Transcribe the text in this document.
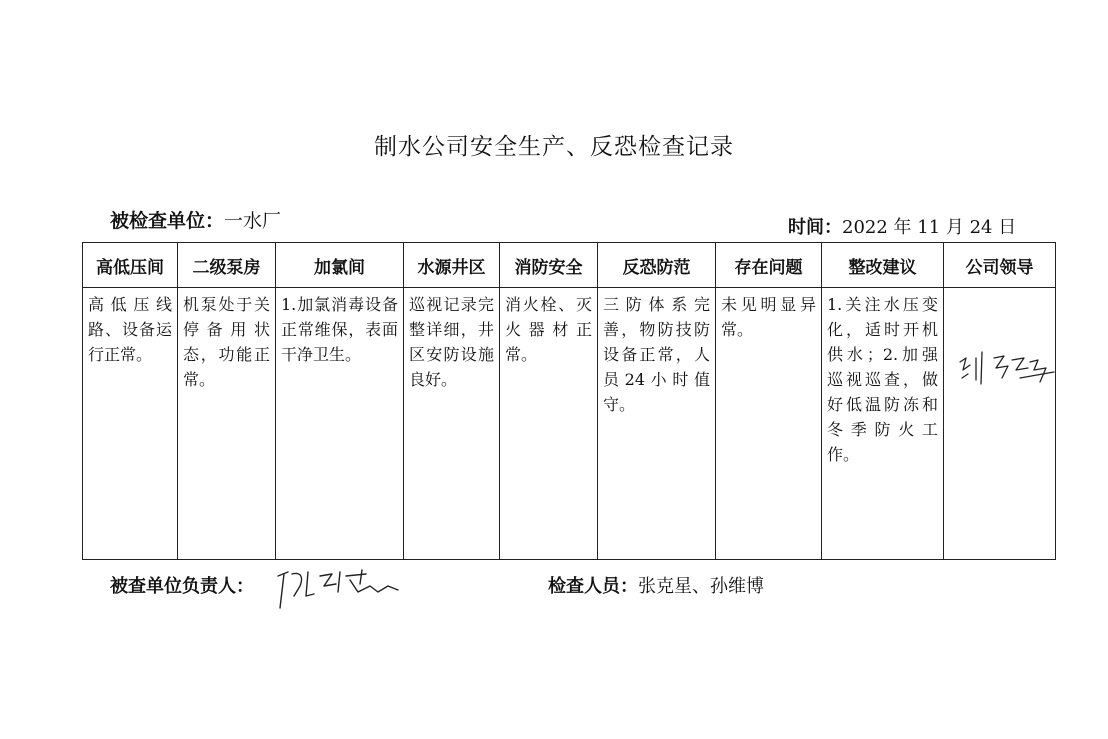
制水公司安全生产、反恐检查记录
被检查单位：一水厂	时间：2022 年 11 月 24 日
高低压间	二级泵房	加氯间	水源井区	消防安全	反恐防范	存在问题	整改建议	公司领导
高低压线路、设备运行正常。	机泵处于关停备用状态，功能正常。	1.加氯消毒设备正常维保，表面干净卫生。	巡视记录完整详细，井区安防设施良好。	消火栓、灭火器材正常。	三防体系完善，物防技防设备正常，人员24小时值守。	未见明显异常。	1.关注水压变化，适时开机供水；2.加强巡视巡查，做好低温防冻和冬季防火工作。	
被查单位负责人：	检查人员：张克星、孙维博
